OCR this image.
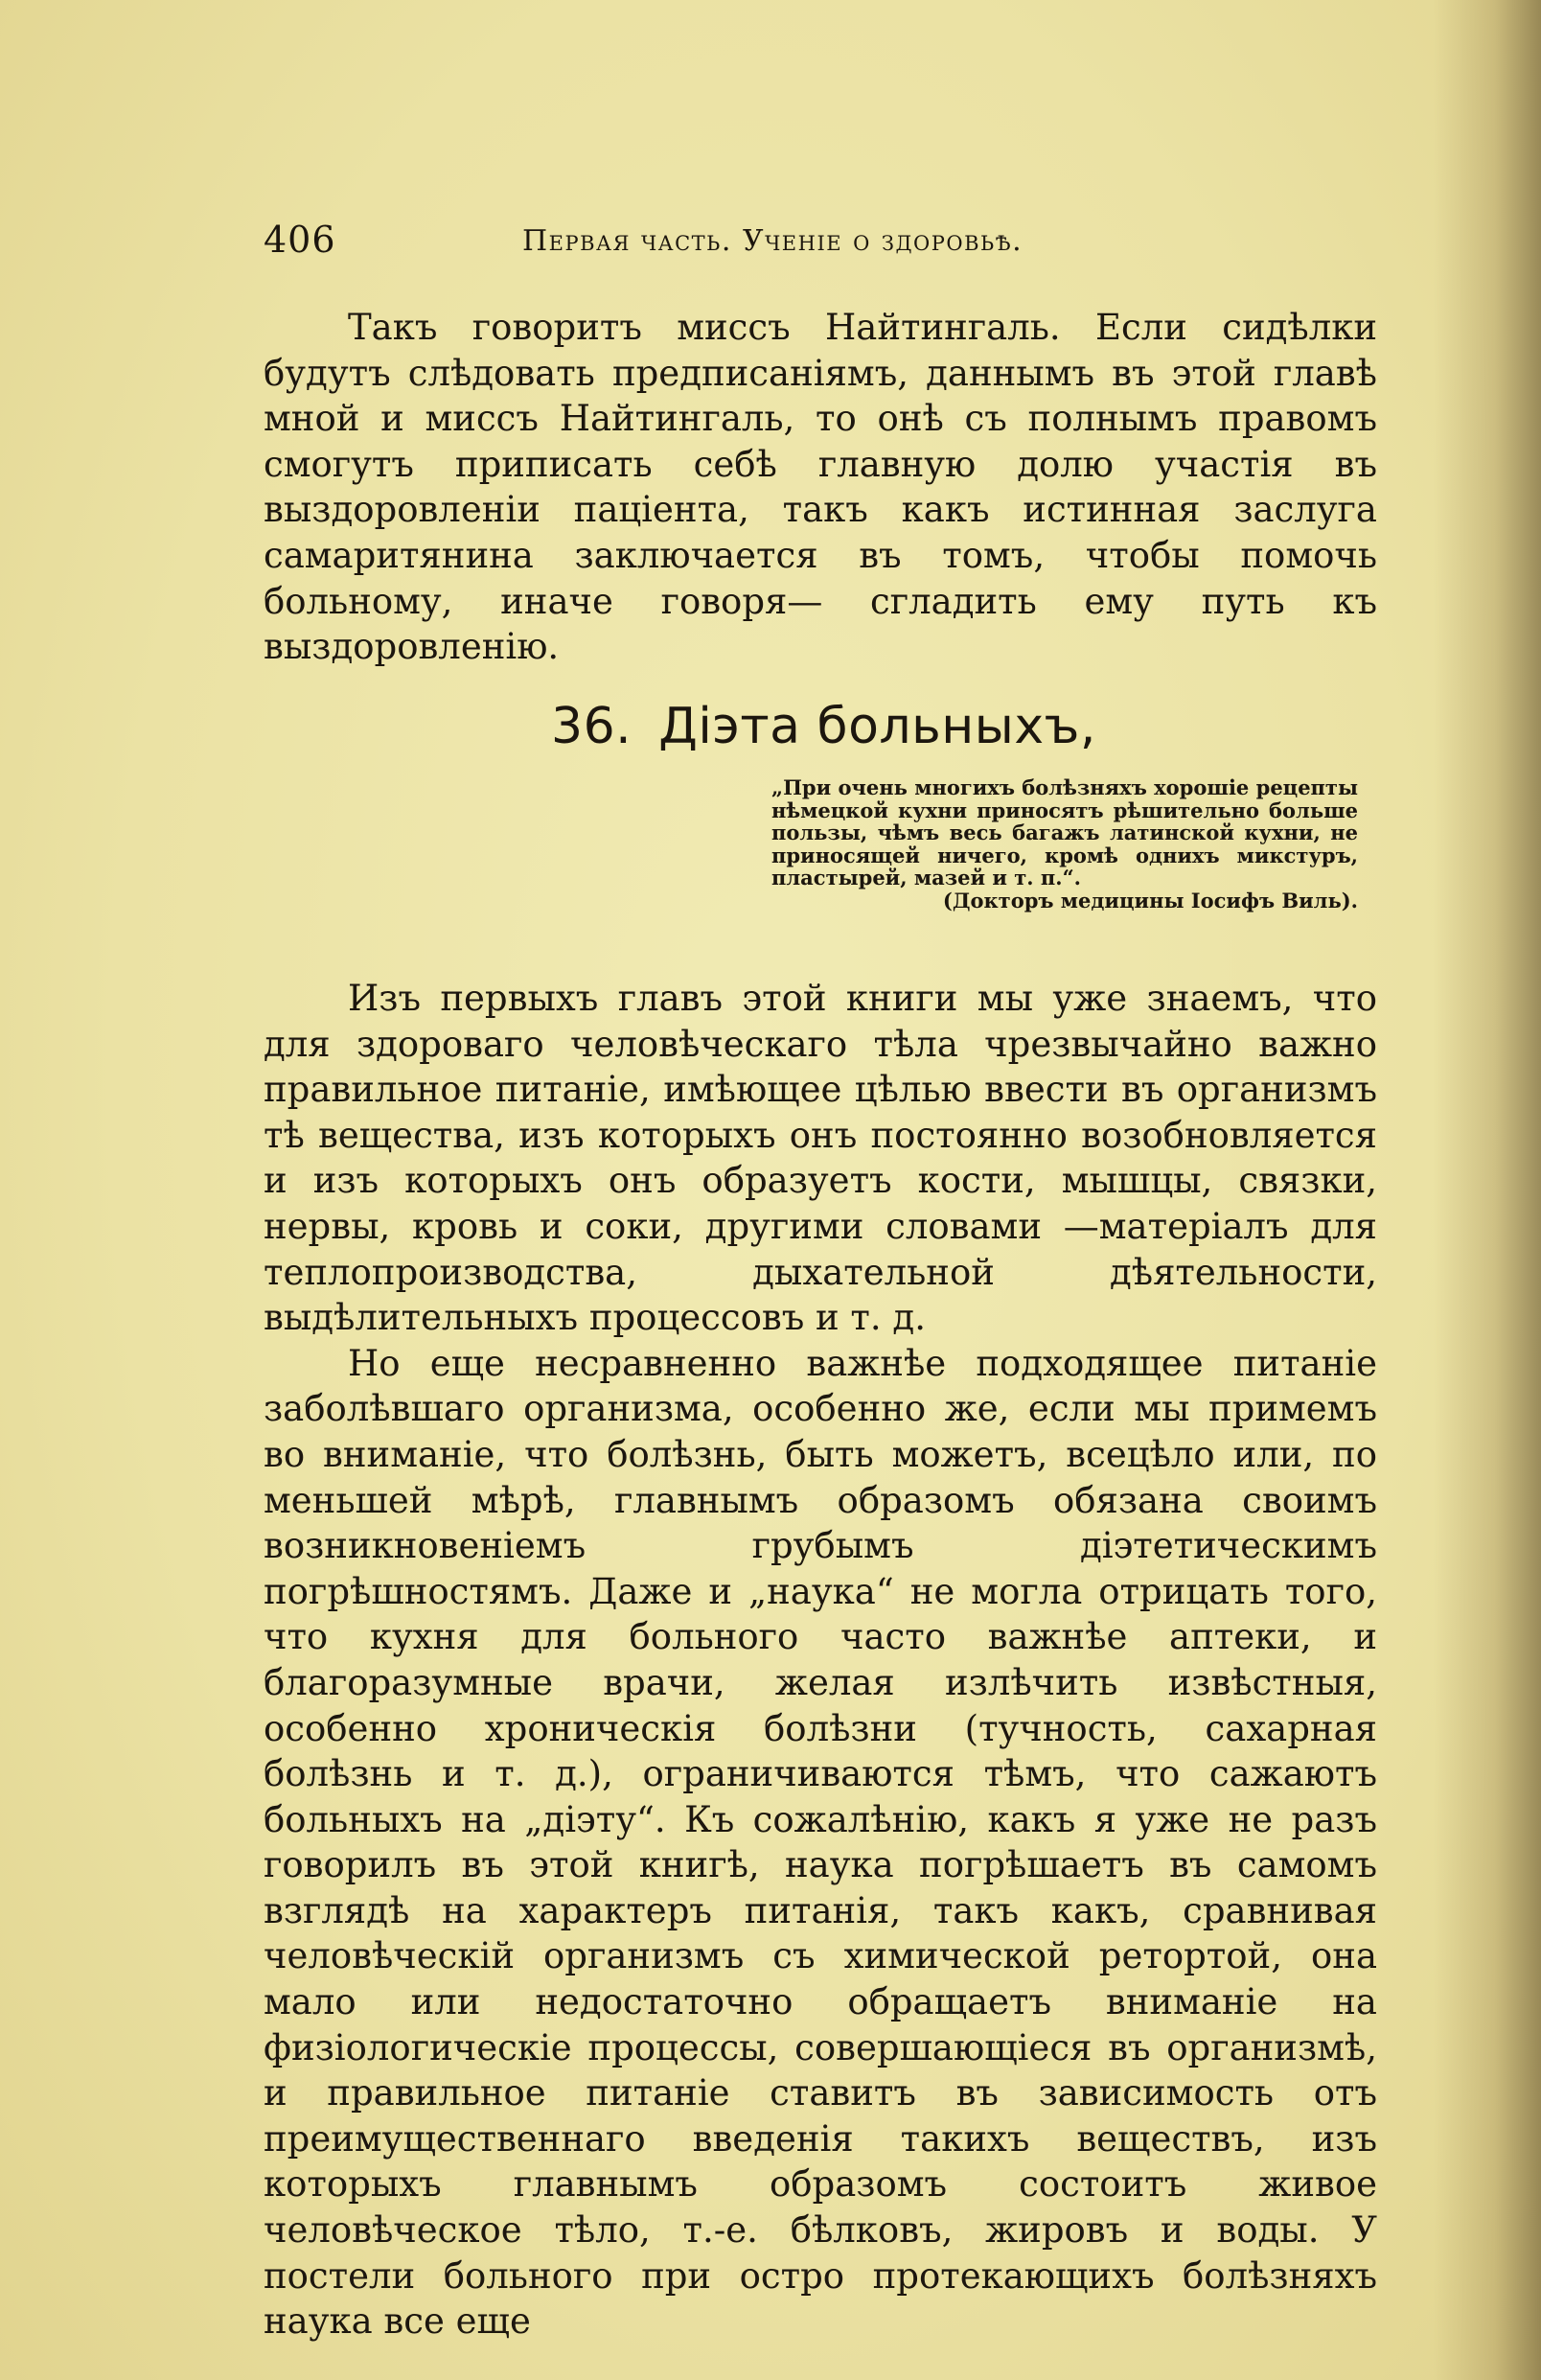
406	Первая часть. Ученіе о здоровьѣ.

Такъ говоритъ миссъ Найтингаль. Если сидѣлки будутъ слѣдовать предписаніямъ, даннымъ въ этой главѣ мной и миссъ Найтингаль, то онѣ съ полнымъ правомъ смогутъ приписать себѣ главную долю участія въ выздоровленіи паціента, такъ какъ истинная заслуга самаритянина заключается въ томъ, чтобы помочь больному, иначе говоря— сгладить ему путь къ выздоровленію.

36. Діэта больныхъ,
„При очень многихъ болѣзняхъ хорошіе рецепты нѣмецкой кухни приносятъ рѣшительно больше пользы, чѣмъ весь багажъ латинской кухни, не приносящей ничего, кромѣ однихъ микстуръ, пластырей, мазей и т. п.“.
(Докторъ медицины Іосифъ Виль).

Изъ первыхъ главъ этой книги мы уже знаемъ, что для здороваго человѣческаго тѣла чрезвычайно важно правильное питаніе, имѣющее цѣлью ввести въ организмъ тѣ вещества, изъ которыхъ онъ постоянно возобновляется и изъ которыхъ онъ образуетъ кости, мышцы, связки, нервы, кровь и соки, другими словами —матеріалъ для теплопроизводства, дыхательной дѣятельности, выдѣлительныхъ процессовъ и т. д.

Но еще несравненно важнѣе подходящее питаніе заболѣвшаго организма, особенно же, если мы примемъ во вниманіе, что болѣзнь, быть можетъ, всецѣло или, по меньшей мѣрѣ, главнымъ образомъ обязана своимъ возникновеніемъ грубымъ діэтетическимъ погрѣшностямъ. Даже и „наука“ не могла отрицать того, что кухня для больного часто важнѣе аптеки, и благоразумные врачи, желая излѣчить извѣстныя, особенно хроническія болѣзни (тучность, сахарная болѣзнь и т. д.), ограничиваются тѣмъ, что сажаютъ больныхъ на „діэту“. Къ сожалѣнію, какъ я уже не разъ говорилъ въ этой книгѣ, наука погрѣшаетъ въ самомъ взглядѣ на характеръ питанія, такъ какъ, сравнивая человѣческій организмъ съ химической ретортой, она мало или недостаточно обращаетъ вниманіе на физіологическіе процессы, совершающіеся въ организмѣ, и правильное питаніе ставитъ въ зависимость отъ преимущественнаго введенія такихъ веществъ, изъ которыхъ главнымъ образомъ состоитъ живое человѣческое тѣло, т.-е. бѣлковъ, жировъ и воды. У постели больного при остро протекающихъ болѣзняхъ наука все еще
